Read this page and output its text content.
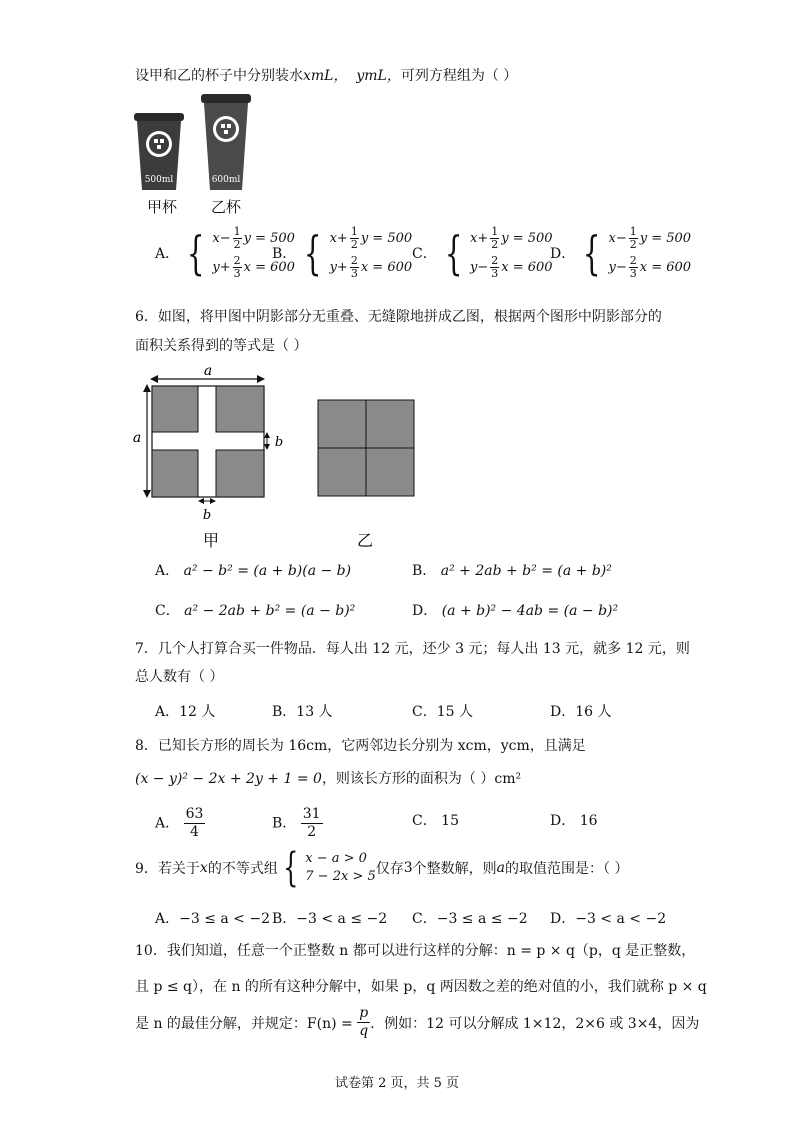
设甲和乙的杯子中分别装水xmL， ymL，可列方程组为（ ）
500ml	600ml
甲杯 乙杯
A． { $x- \frac{1}{2}$ y = 500
$y+ \frac{2}{3}$ x = 600
B． { $x+ \frac{1}{2}$ y = 500
$y+ \frac{2}{3}$ x = 600
C． { $x+ \frac{1}{2}$ y = 500
$y- \frac{2}{3}$ x = 600
D． { $x- \frac{1}{2}$ y = 500
$y- \frac{2}{3}$ x = 600
6．如图，将甲图中阴影部分无重叠、无缝隙地拼成乙图，根据两个图形中阴影部分的
面积关系得到的等式是（ ）
a
a	b
b
甲	乙
A． a² − b² = (a + b)(a − b)	B． a² + 2ab + b² = (a + b)²
C． a² − 2ab + b² = (a − b)²	D． (a + b)² − 4ab = (a − b)²
7．几个人打算合买一件物品．每人出 12 元，还少 3 元；每人出 13 元，就多 12 元，则
总人数有（ ）
A．12 人	B．13 人	C．15 人	D．16 人
8．已知长方形的周长为 16cm，它两邻边长分别为 xcm，ycm，且满足
(x − y)² − 2x + 2y + 1 = 0，则该长方形的面积为（ ）cm²
A． $\frac{63}{4}$	B． $\frac{31}{2}$	C． 15	D． 16
9．若关于 x 的不等式组 { x − a > 0
7 − 2x > 5 仅存 3 个整数解，则 a 的取值范围是：（ ）
A．−3 ≤ a < −2 B．−3 < a ≤ −2 C．−3 ≤ a ≤ −2 D．−3 < a < −2
10．我们知道，任意一个正整数 n 都可以进行这样的分解：n = p × q（p，q 是正整数，
且 p ≤ q），在 n 的所有这种分解中，如果 p，q 两因数之差的绝对值的小，我们就称 p × q
是 n 的最佳分解，并规定：F(n) =
$\frac{p}{q}$ ．例如：12 可以分解成 1×12，2×6 或 3×4，因为
试卷第 2 页，共 5 页
